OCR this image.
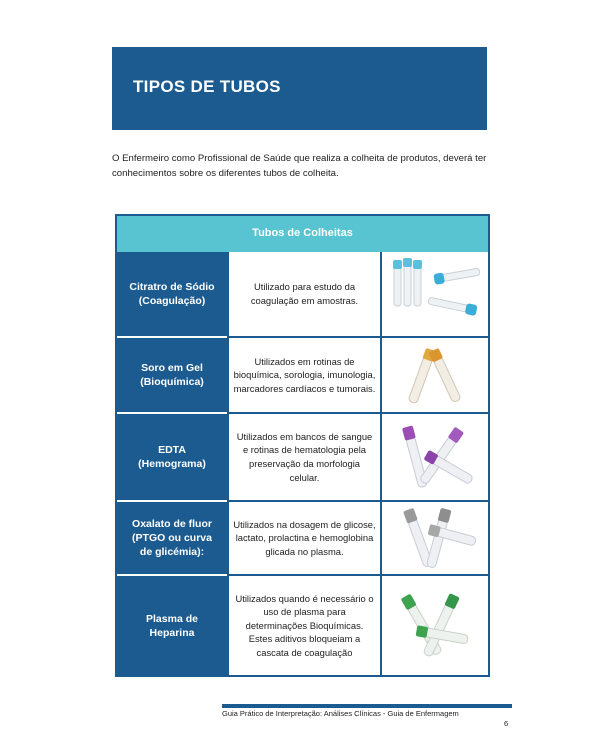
TIPOS DE TUBOS

O Enfermeiro como Profissional de Saúde que realiza a colheita de produtos, deverá ter conhecimentos sobre os diferentes tubos de colheita.

Tubos de Colheitas
Citratro de Sódio (Coagulação)
Utilizado para estudo da coagulação em amostras.
Soro em Gel (Bioquímica)
Utilizados em rotinas de bioquímica, sorologia, imunologia, marcadores cardíacos e tumorais.
EDTA (Hemograma)
Utilizados em bancos de sangue e rotinas de hematologia pela preservação da morfologia celular.
Oxalato de fluor (PTGO ou curva de glicémia):
Utilizados na dosagem de glicose, lactato, prolactina e hemoglobina glicada no plasma.
Plasma de Heparina
Utilizados quando é necessário o uso de plasma para determinações Bioquímicas. Estes aditivos bloqueiam a cascata de coagulação
Guia Prático de Interpretação: Análises Clínicas - Guia de Enfermagem
6
